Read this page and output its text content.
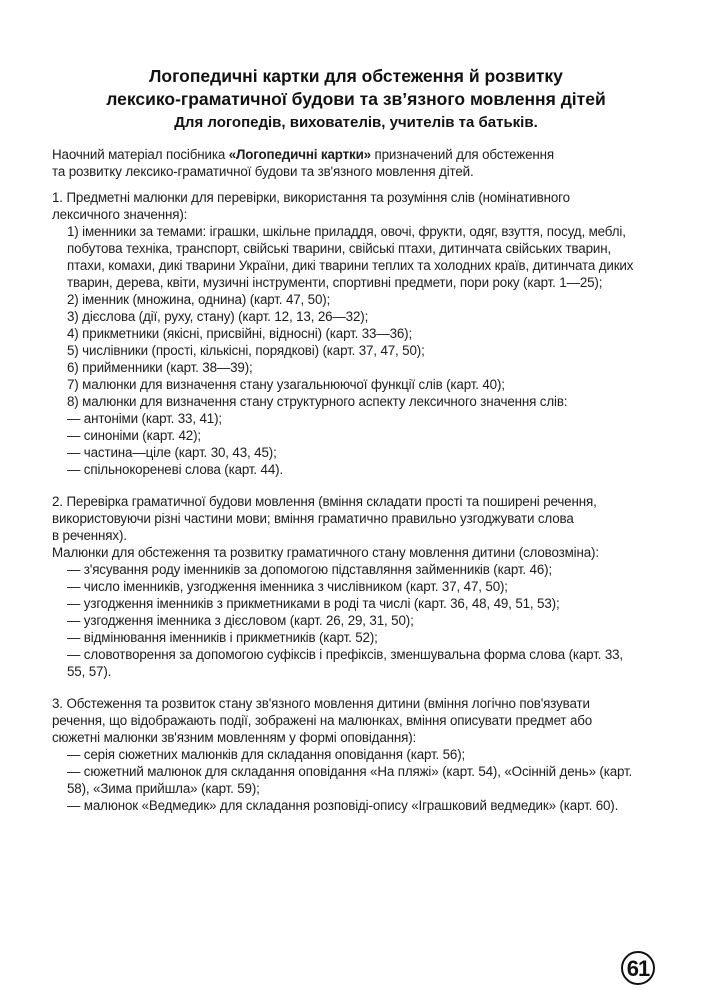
Логопедичні картки для обстеження й розвитку
лексико-граматичної будови та зв’язного мовлення дітей
Для логопедів, вихователів, учителів та батьків.
Наочний матеріал посібника «Логопедичні картки» призначений для обстеження
та розвитку лексико-граматичної будови та зв'язного мовлення дітей.
1. Предметні малюнки для перевірки, використання та розуміння слів (номінативного
лексичного значення):
1) іменники за темами: іграшки, шкільне приладдя, овочі, фрукти, одяг, взуття, посуд, меблі,
побутова техніка, транспорт, свійські тварини, свійські птахи, дитинчата свійських тварин,
птахи, комахи, дикі тварини України, дикі тварини теплих та холодних країв, дитинчата диких
тварин, дерева, квіти, музичні інструменти, спортивні предмети, пори року (карт. 1—25);
2) іменник (множина, однина) (карт. 47, 50);
3) дієслова (дії, руху, стану) (карт. 12, 13, 26—32);
4) прикметники (якісні, присвійні, відносні) (карт. 33—36);
5) числівники (прості, кількісні, порядкові) (карт. 37, 47, 50);
6) прийменники (карт. 38—39);
7) малюнки для визначення стану узагальнюючої функції слів (карт. 40);
8) малюнки для визначення стану структурного аспекту лексичного значення слів:
— антоніми (карт. 33, 41);
— синоніми (карт. 42);
— частина—ціле (карт. 30, 43, 45);
— спільнокореневі слова (карт. 44).
2. Перевірка граматичної будови мовлення (вміння складати прості та поширені речення,
використовуючи різні частини мови; вміння граматично правильно узгоджувати слова
в реченнях).
Малюнки для обстеження та розвитку граматичного стану мовлення дитини (словозміна):
— з'ясування роду іменників за допомогою підставляння займенників (карт. 46);
— число іменників, узгодження іменника з числівником (карт. 37, 47, 50);
— узгодження іменників з прикметниками в роді та числі (карт. 36, 48, 49, 51, 53);
— узгодження іменника з дієсловом (карт. 26, 29, 31, 50);
— відмінювання іменників і прикметників (карт. 52);
— словотворення за допомогою суфіксів і префіксів, зменшувальна форма слова (карт. 33,
55, 57).
3. Обстеження та розвиток стану зв'язного мовлення дитини (вміння логічно пов'язувати
речення, що відображають події, зображені на малюнках, вміння описувати предмет або
сюжетні малюнки зв'язним мовленням у формі оповідання):
— серія сюжетних малюнків для складання оповідання (карт. 56);
— сюжетний малюнок для складання оповідання «На пляжі» (карт. 54), «Осінній день» (карт.
58), «Зима прийшла» (карт. 59);
— малюнок «Ведмедик» для складання розповіді-опису «Іграшковий ведмедик» (карт. 60).
61
